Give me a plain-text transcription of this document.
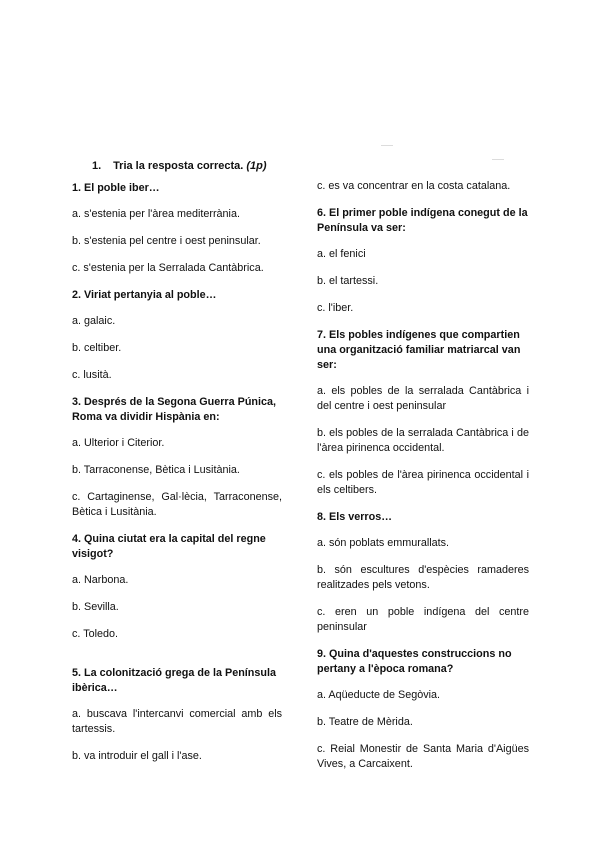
1. Tria la resposta correcta. (1p)

1. El poble iber…

a. s'estenia per l'àrea mediterrània.

b. s'estenia pel centre i oest peninsular.

c. s'estenia per la Serralada Cantàbrica.

2. Viriat pertanyia al poble…

a. galaic.

b. celtiber.

c. lusità.

3. Després de la Segona Guerra Púnica, Roma va dividir Hispània en:

a. Ulterior i Citerior.

b. Tarraconense, Bètica i Lusitània.

c. Cartaginense, Gal·lècia, Tarraconense, Bètica i Lusitània.

4. Quina ciutat era la capital del regne visigot?

a. Narbona.

b. Sevilla.

c. Toledo.

5. La colonització grega de la Península ibèrica…

a. buscava l'intercanvi comercial amb els tartessis.

b. va introduir el gall i l'ase.

c. es va concentrar en la costa catalana.

6. El primer poble indígena conegut de la Península va ser:

a. el fenici

b. el tartessi.

c. l'iber.

7. Els pobles indígenes que compartien una organització familiar matriarcal van ser:

a. els pobles de la serralada Cantàbrica i del centre i oest peninsular

b. els pobles de la serralada Cantàbrica i de l'àrea pirinenca occidental.

c. els pobles de l'àrea pirinenca occidental i els celtibers.

8. Els verros…

a. són poblats emmurallats.

b. són escultures d'espècies ramaderes realitzades pels vetons.

c. eren un poble indígena del centre peninsular

9. Quina d'aquestes construccions no pertany a l'època romana?

a. Aqüeducte de Segòvia.

b. Teatre de Mèrida.

c. Reial Monestir de Santa Maria d'Aigües Vives, a Carcaixent.
